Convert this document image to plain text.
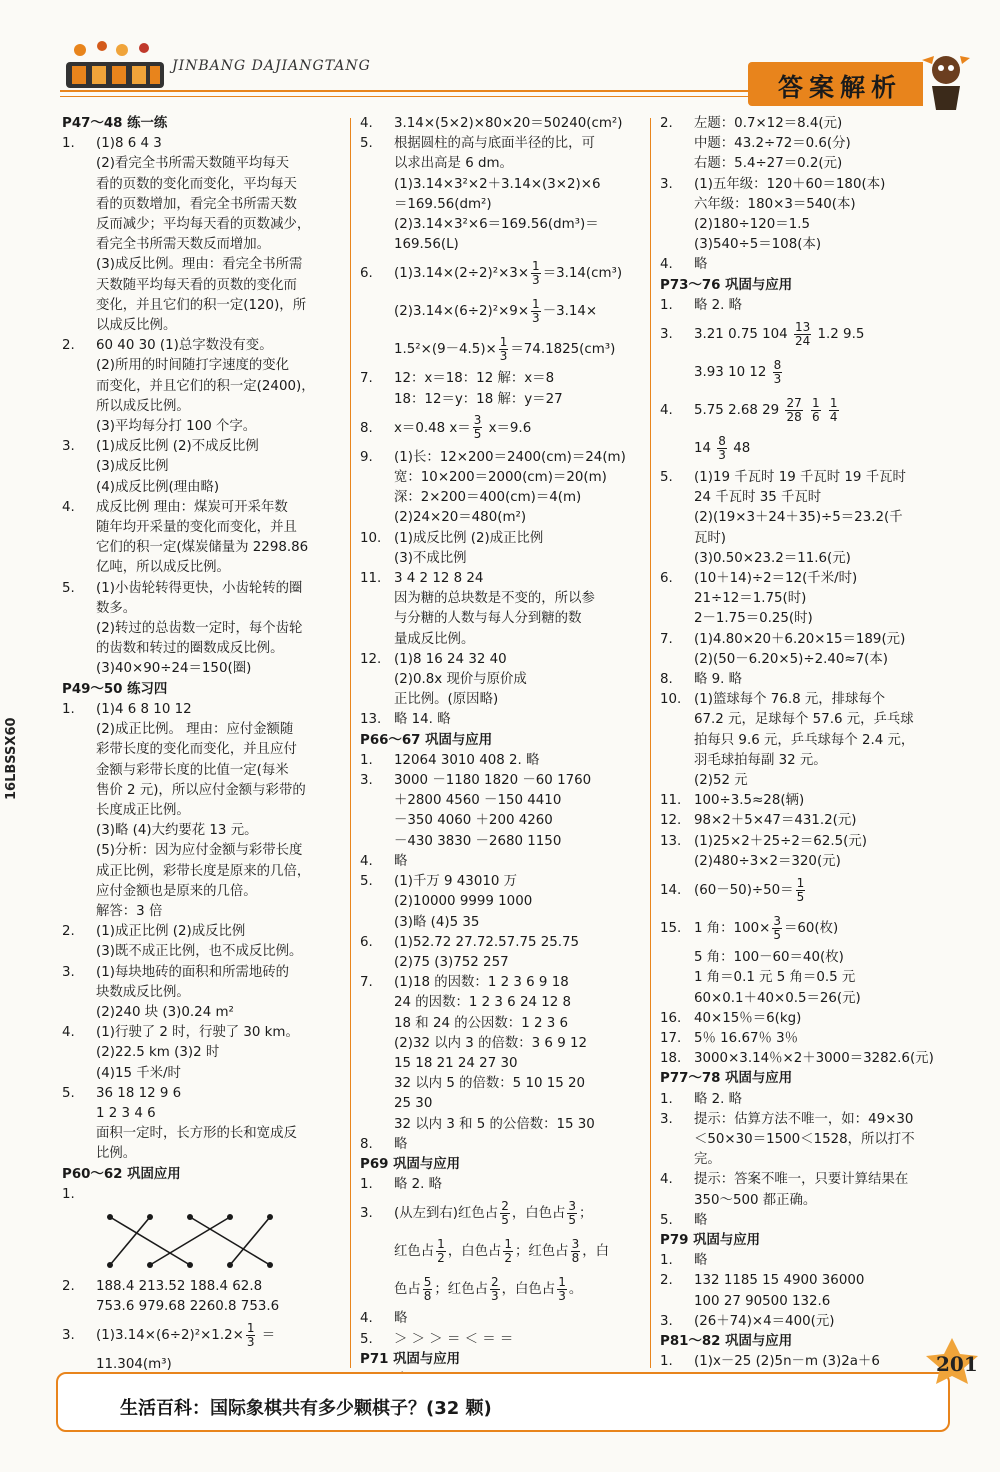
JINBANG DAJIANGTANG
答案解析
16LBSSX60
P47～48 练一练
1. (1)8 6 4 3
(2)看完全书所需天数随平均每天
看的页数的变化而变化，平均每天
看的页数增加，看完全书所需天数
反而减少；平均每天看的页数减少，
看完全书所需天数反而增加。
(3)成反比例。理由：看完全书所需
天数随平均每天看的页数的变化而
变化，并且它们的积一定(120)，所
以成反比例。
2. 60 40 30 (1)总字数没有变。
(2)所用的时间随打字速度的变化
而变化，并且它们的积一定(2400)，
所以成反比例。
(3)平均每分打 100 个字。
3. (1)成反比例 (2)不成反比例
(3)成反比例
(4)成反比例(理由略)
4. 成反比例 理由：煤炭可开采年数
随年均开采量的变化而变化，并且
它们的积一定(煤炭储量为 2298.86
亿吨，所以成反比例。
5. (1)小齿轮转得更快，小齿轮转的圈
数多。
(2)转过的总齿数一定时，每个齿轮
的齿数和转过的圈数成反比例。
(3)40×90÷24＝150(圈)
P49～50 练习四
1. (1)4 6 8 10 12
(2)成正比例。 理由：应付金额随
彩带长度的变化而变化，并且应付
金额与彩带长度的比值一定(每米
售价 2 元)，所以应付金额与彩带的
长度成正比例。
(3)略 (4)大约要花 13 元。
(5)分析：因为应付金额与彩带长度
成正比例，彩带长度是原来的几倍，
应付金额也是原来的几倍。
解答：3 倍
2. (1)成正比例 (2)成反比例
(3)既不成正比例，也不成反比例。
3. (1)每块地砖的面积和所需地砖的
块数成反比例。
(2)240 块 (3)0.24 m²
4. (1)行驶了 2 时，行驶了 30 km。
(2)22.5 km (3)2 时
(4)15 千米/时
5. 36 18 12 9 6
1 2 3 4 6
面积一定时，长方形的长和宽成反
比例。
P60～62 巩固应用
1.
2. 188.4 213.52 188.4 62.8
753.6 979.68 2260.8 753.6
3. $(1)3.14\times(6\div 2)^2\times 1.2\times \frac{1}{3}$ ＝
11.304(m³)
4. 3.14×(5×2)×80×20＝50240(cm²)
5. 根据圆柱的高与底面半径的比，可
以求出高是 6 dm。
(1)3.14×3²×2＋3.14×(3×2)×6
＝169.56(dm²)
(2)3.14×3²×6＝169.56(dm³)＝
169.56(L)
6. $(1)3.14\times(2\div 2)^2\times 3\times \frac{1}{3} =3.14(cm^3)$
$(2)3.14\times(6\div 2)^2\times 9\times \frac{1}{3} -3.14\times$
$1.5^2\times(9-4.5)\times \frac{1}{3} =74.1825(cm^3)$
7. 12：x＝18：12 解：x＝8
18：12＝y：18 解：y＝27
8. x＝0.48 $x= \frac{3}{5} x=9.6$
9. (1)长：12×200＝2400(cm)＝24(m)
宽：10×200＝2000(cm)＝20(m)
深：2×200＝400(cm)＝4(m)
(2)24×20＝480(m²)
10. (1)成反比例 (2)成正比例
(3)不成比例
11. 3 4 2 12 8 24
因为糖的总块数是不变的，所以参
与分糖的人数与每人分到糖的数
量成反比例。
12. (1)8 16 24 32 40
(2)0.8x 现价与原价成
正比例。(原因略)
13. 略 14. 略
P66～67 巩固与应用
1. 12064 3010 408 2. 略
3. 3000 －1180 1820 －60 1760
＋2800 4560 －150 4410
－350 4060 ＋200 4260
－430 3830 －2680 1150
4. 略
5. (1)千万 9 43010 万
(2)10000 9999 1000
(3)略 (4)5 35
6. (1)52.72 27.72.57.75 25.75
(2)75 (3)752 257
7. (1)18 的因数：1 2 3 6 9 18
24 的因数：1 2 3 6 24 12 8
18 和 24 的公因数：1 2 3 6
(2)32 以内 3 的倍数：3 6 9 12
15 18 21 24 27 30
32 以内 5 的倍数：5 10 15 20
25 30
32 以内 3 和 5 的公倍数：15 30
8. 略
P69 巩固与应用
1. 略 2. 略
3. (从左到右)红色占 $\frac{2}{5}$ ，白色占 $\frac{3}{5}$ ；
红色占 $\frac{1}{2}$ ，白色占 $\frac{1}{2}$ ；红色占 $\frac{3}{8}$ ，白
色占 $\frac{5}{8}$ ；红色占 $\frac{2}{3}$ ，白色占 $\frac{1}{3}$ 。
4. 略
5. ＞ ＞ ＞ ＝ ＜ ＝ ＝
P71 巩固与应用
2. 左题：0.7×12＝8.4(元)
中题：43.2÷72＝0.6(分)
右题：5.4÷27＝0.2(元)
3. (1)五年级：120＋60＝180(本)
六年级：180×3＝540(本)
(2)180÷120＝1.5
(3)540÷5＝108(本)
4. 略
P73～76 巩固与应用
1. 略 2. 略
3. 3.21 0.75 $104 \frac{13}{24} 1.2$ 9.5
3.93 10 $12 \frac{8}{3}$
4. 5.75 2.68 $29 \frac{27}{28}$
$\frac{1}{6}$
$\frac{1}{4}$
$14 \frac{8}{3} 48$
5. (1)19 千瓦时 19 千瓦时 19 千瓦时
24 千瓦时 35 千瓦时
(2)(19×3＋24＋35)÷5＝23.2(千
瓦时)
(3)0.50×23.2＝11.6(元)
6. (10＋14)÷2＝12(千米/时)
21÷12＝1.75(时)
2－1.75＝0.25(时)
7. (1)4.80×20＋6.20×15＝189(元)
(2)(50－6.20×5)÷2.40≈7(本)
8. 略 9. 略
10. (1)篮球每个 76.8 元，排球每个
67.2 元，足球每个 57.6 元，乒乓球
拍每只 9.6 元，乒乓球每个 2.4 元，
羽毛球拍每副 32 元。
(2)52 元
11. 100÷3.5≈28(辆)
12. 98×2＋5×47＝431.2(元)
13. (1)25×2＋25÷2＝62.5(元)
(2)480÷3×2＝320(元)
14. $(60-50)\div 50= \frac{1}{5}$
15. 1 角：$100\times \frac{3}{5} =60$(枚)
5 角：100－60＝40(枚)
1 角＝0.1 元 5 角＝0.5 元
60×0.1＋40×0.5＝26(元)
16. 40×15％＝6(kg)
17. 5％ 16.67％ 3％
18. 3000×3.14％×2＋3000＝3282.6(元)
P77～78 巩固与应用
1. 略 2. 略
3. 提示：估算方法不唯一，如：49×30
＜50×30＝1500＜1528，所以打不
完。
4. 提示：答案不唯一，只要计算结果在
350～500 都正确。
5. 略
P79 巩固与应用
1. 略
2. 132 1185 15 4900 36000
100 27 90500 132.6
3. (26＋74)×4＝400(元)
P81～82 巩固与应用
1. (1)x－25 (2)5n－m (3)2a＋6
生活百科：国际象棋共有多少颗棋子？(32 颗)
201
